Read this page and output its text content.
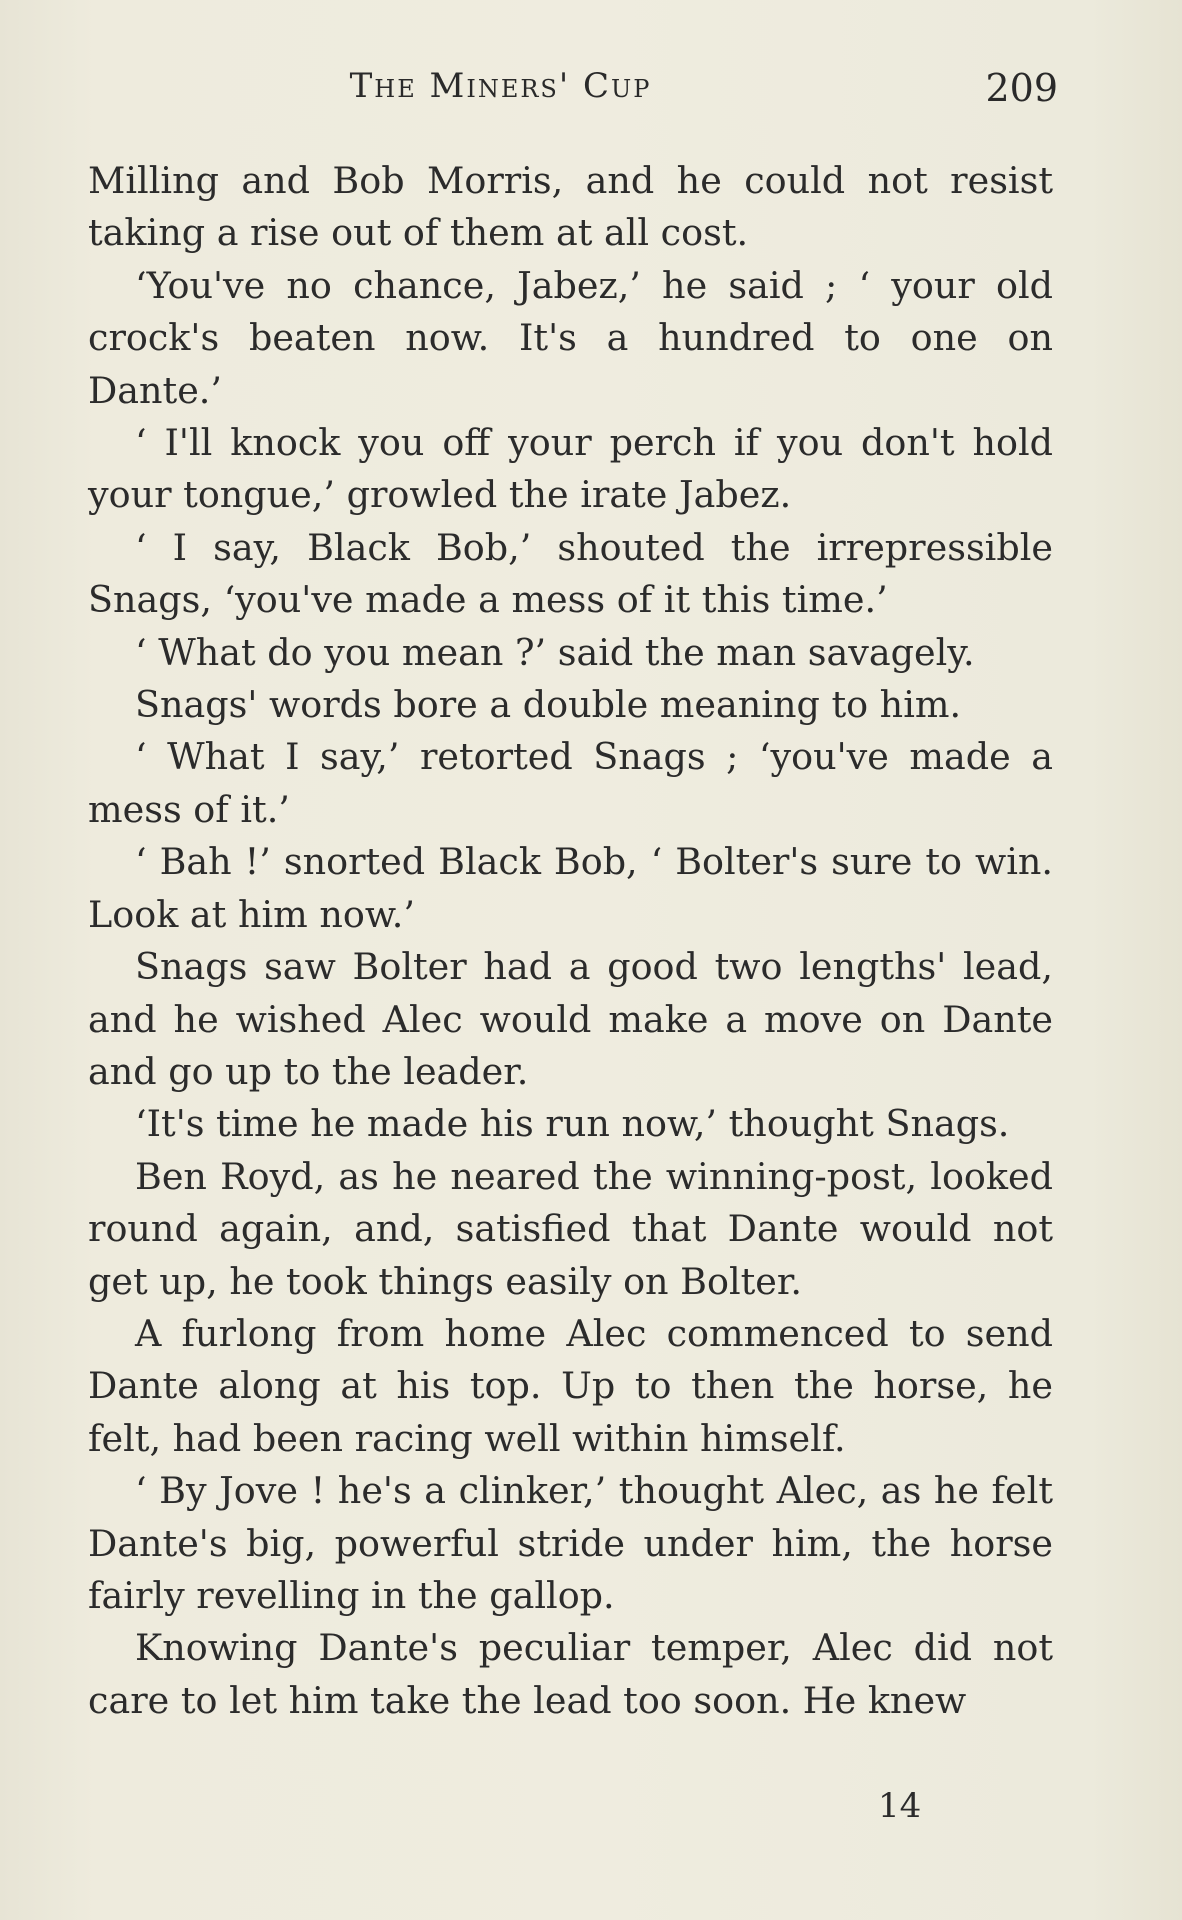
The Miners' Cup	209

Milling and Bob Morris, and he could not resist taking a rise out of them at all cost.

‘You've no chance, Jabez,’ he said ; ‘ your old crock's beaten now. It's a hundred to one on Dante.’

‘ I'll knock you off your perch if you don't hold your tongue,’ growled the irate Jabez.

‘ I say, Black Bob,’ shouted the irrepressible Snags, ‘you've made a mess of it this time.’

‘ What do you mean ?’ said the man savagely.

Snags' words bore a double meaning to him.

‘ What I say,’ retorted Snags ; ‘you've made a mess of it.’

‘ Bah !’ snorted Black Bob, ‘ Bolter's sure to win. Look at him now.’

Snags saw Bolter had a good two lengths' lead, and he wished Alec would make a move on Dante and go up to the leader.

‘It's time he made his run now,’ thought Snags.

Ben Royd, as he neared the winning-post, looked round again, and, satisfied that Dante would not get up, he took things easily on Bolter.

A furlong from home Alec commenced to send Dante along at his top. Up to then the horse, he felt, had been racing well within himself.

‘ By Jove ! he's a clinker,’ thought Alec, as he felt Dante's big, powerful stride under him, the horse fairly revelling in the gallop.

Knowing Dante's peculiar temper, Alec did not care to let him take the lead too soon. He knew

14
